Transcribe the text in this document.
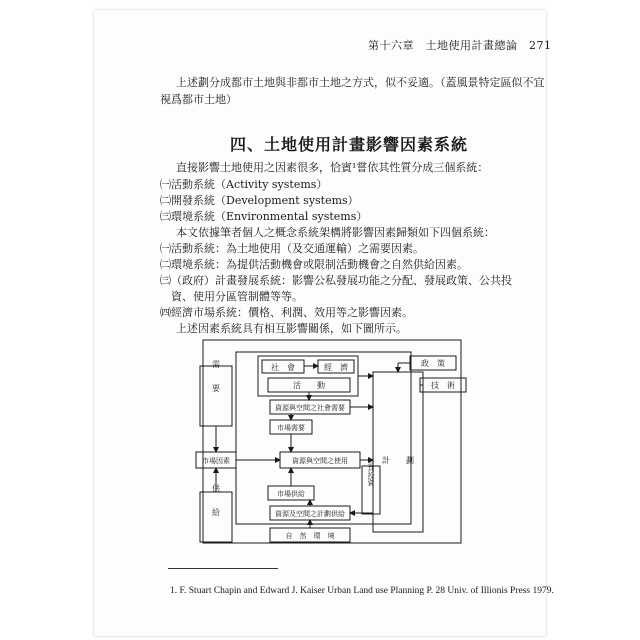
第十六章　土地使用計畫總論　271
上述劃分成都市土地與非都市土地之方式，似不妥適。（蓋風景特定區似不宜
視爲都市土地）
四、土地使用計畫影響因素系統
直接影響土地使用之因素很多，恰賓¹嘗依其性質分成三個系統：
㈠活動系統（Activity systems）
㈡開發系統（Development systems）
㈢環境系統（Environmental systems）
本文依據筆者個人之概念系統架構將影響因素歸類如下四個系統：
㈠活動系統：為土地使用（及交通運輸）之需要因素。
㈡環境系統：為提供活動機會或限制活動機會之自然供給因素。
㈢（政府）計畫發展系統：影響公私發展功能之分配、發展政策、公共投
　資、使用分區管制體等等。
㈣經濟市場系統：價格、利潤、效用等之影響因素。
上述因素系統具有相互影響關係，如下圖所示。
社　會	經　濟
活　　動
政　策
技　術
資源與空間之社會需要
市場需要
需　　要
市場因素	資源與空間之使用	計　　劃
公共投資
市場供給
供　　給	資源及空間之計劃供給
自　然　環　境
1. F. Stuart Chapin and Edward J. Kaiser Urban Land use Planning P. 28 Univ. of Illionis Press 1979.
